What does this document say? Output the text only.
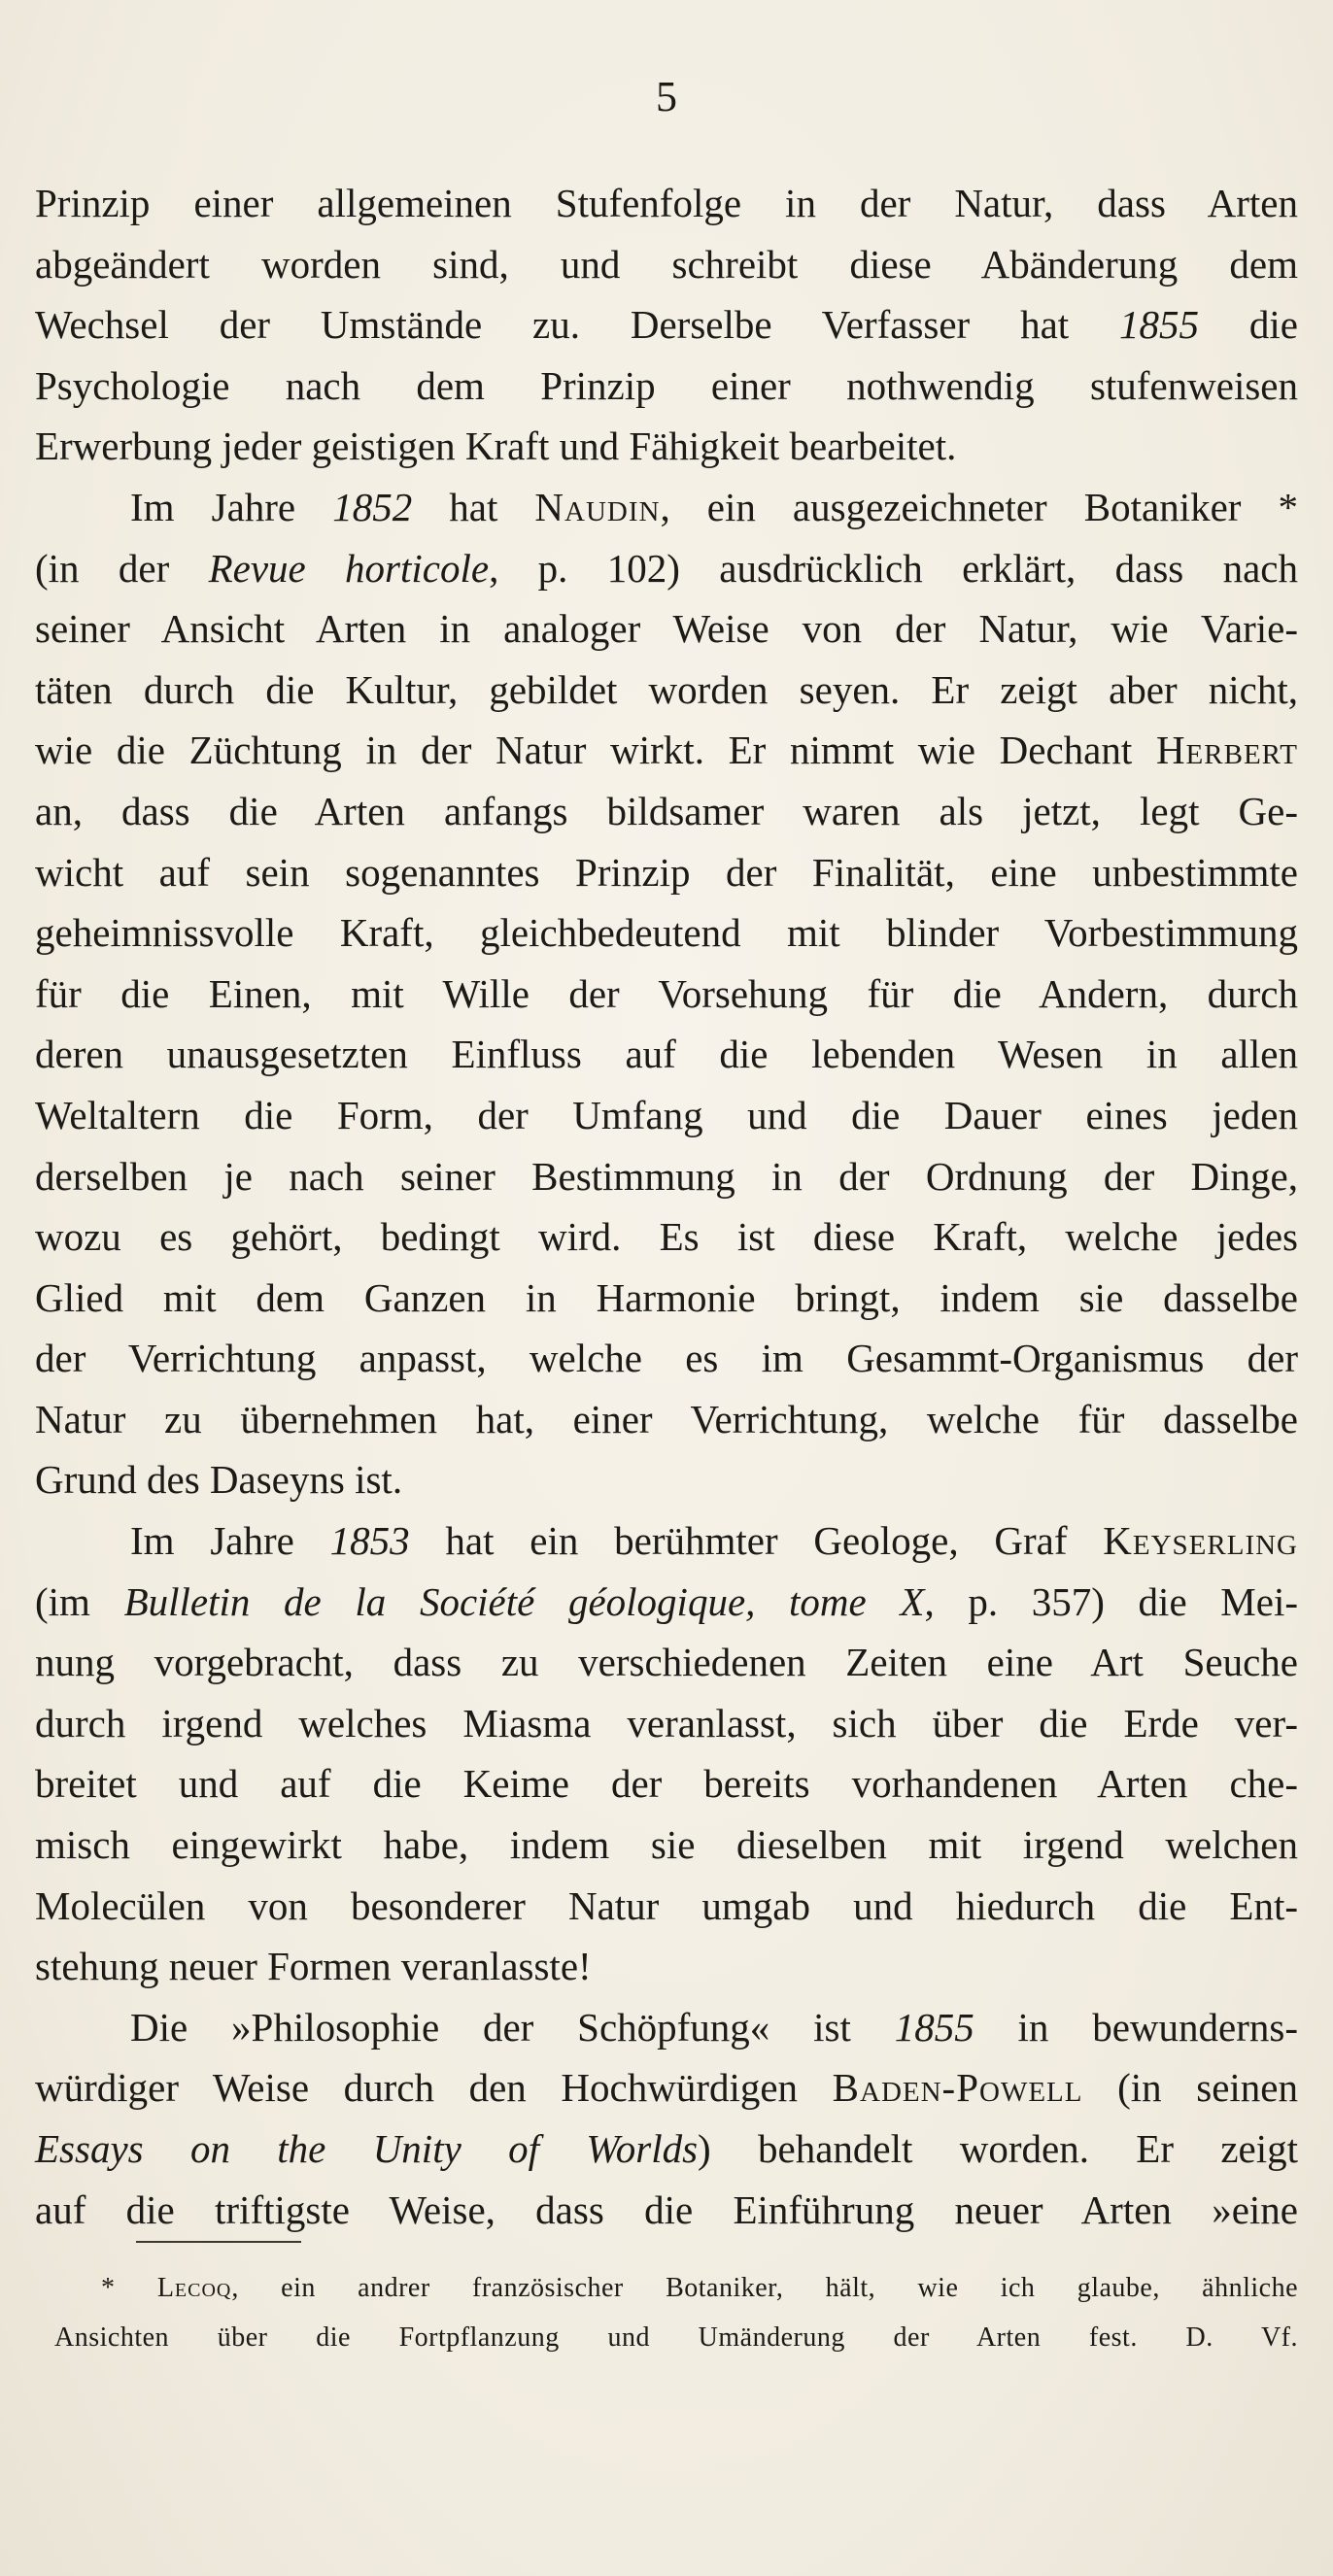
5
Prinzip einer allgemeinen Stufenfolge in der Natur, dass Arten
abgeändert worden sind, und schreibt diese Abänderung dem
Wechsel der Umstände zu. Derselbe Verfasser hat 1855 die
Psychologie nach dem Prinzip einer nothwendig stufenweisen
Erwerbung jeder geistigen Kraft und Fähigkeit bearbeitet.
Im Jahre 1852 hat Naudin, ein ausgezeichneter Botaniker *
(in der Revue horticole, p. 102) ausdrücklich erklärt, dass nach
seiner Ansicht Arten in analoger Weise von der Natur, wie Varie-
täten durch die Kultur, gebildet worden seyen. Er zeigt aber nicht,
wie die Züchtung in der Natur wirkt. Er nimmt wie Dechant Herbert
an, dass die Arten anfangs bildsamer waren als jetzt, legt Ge-
wicht auf sein sogenanntes Prinzip der Finalität, eine unbestimmte
geheimnissvolle Kraft, gleichbedeutend mit blinder Vorbestimmung
für die Einen, mit Wille der Vorsehung für die Andern, durch
deren unausgesetzten Einfluss auf die lebenden Wesen in allen
Weltaltern die Form, der Umfang und die Dauer eines jeden
derselben je nach seiner Bestimmung in der Ordnung der Dinge,
wozu es gehört, bedingt wird. Es ist diese Kraft, welche jedes
Glied mit dem Ganzen in Harmonie bringt, indem sie dasselbe
der Verrichtung anpasst, welche es im Gesammt-Organismus der
Natur zu übernehmen hat, einer Verrichtung, welche für dasselbe
Grund des Daseyns ist.
Im Jahre 1853 hat ein berühmter Geologe, Graf Keyserling
(im Bulletin de la Société géologique, tome X, p. 357) die Mei-
nung vorgebracht, dass zu verschiedenen Zeiten eine Art Seuche
durch irgend welches Miasma veranlasst, sich über die Erde ver-
breitet und auf die Keime der bereits vorhandenen Arten che-
misch eingewirkt habe, indem sie dieselben mit irgend welchen
Molecülen von besonderer Natur umgab und hiedurch die Ent-
stehung neuer Formen veranlasste!
Die »Philosophie der Schöpfung« ist 1855 in bewunderns-
würdiger Weise durch den Hochwürdigen Baden-Powell (in seinen
Essays on the Unity of Worlds) behandelt worden. Er zeigt
auf die triftigste Weise, dass die Einführung neuer Arten »eine
* Lecoq, ein andrer französischer Botaniker, hält, wie ich glaube, ähnliche
Ansichten über die Fortpflanzung und Umänderung der Arten fest. D. Vf.
